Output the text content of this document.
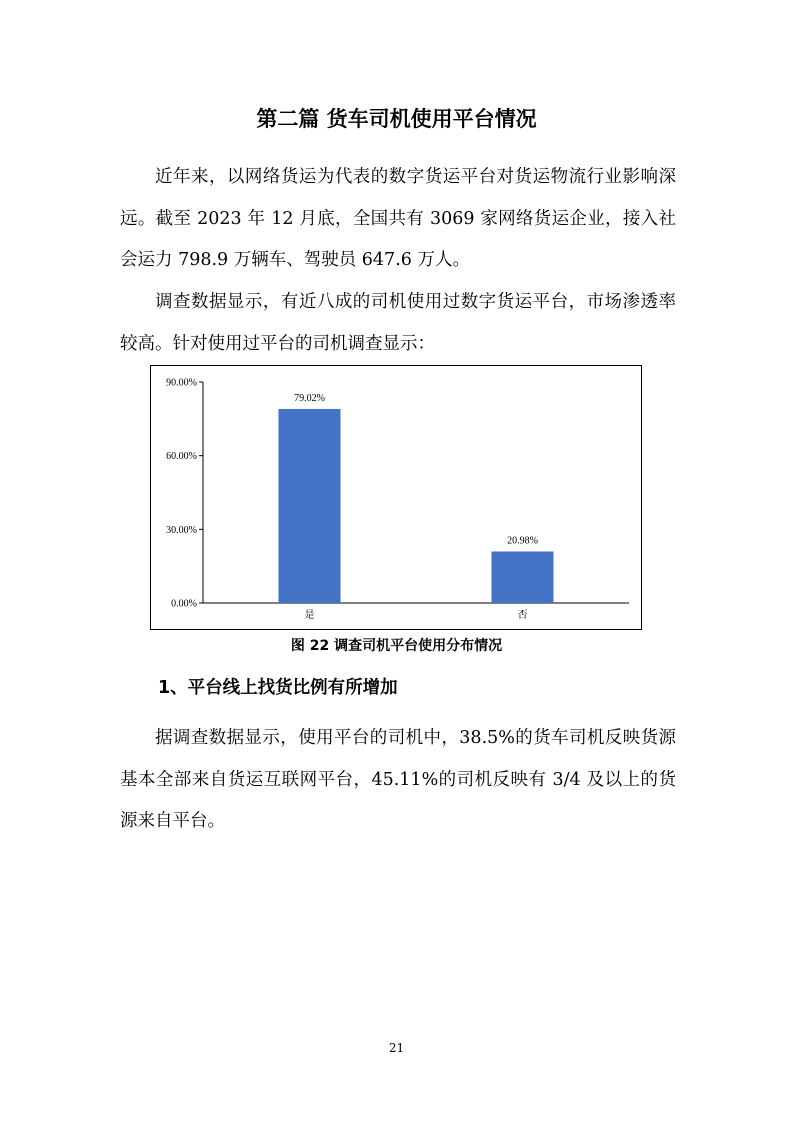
第二篇 货车司机使用平台情况
近年来，以网络货运为代表的数字货运平台对货运物流行业影响深远。截至 2023 年 12 月底，全国共有 3069 家网络货运企业，接入社会运力 798.9 万辆车、驾驶员 647.6 万人。
调查数据显示，有近八成的司机使用过数字货运平台，市场渗透率较高。针对使用过平台的司机调查显示：
0.00%
30.00%
60.00%
90.00%
79.02%
是
20.98%
否
图 22 调查司机平台使用分布情况
1、平台线上找货比例有所增加
据调查数据显示，使用平台的司机中，38.5%的货车司机反映货源基本全部来自货运互联网平台，45.11%的司机反映有 3/4 及以上的货源来自平台。
21
